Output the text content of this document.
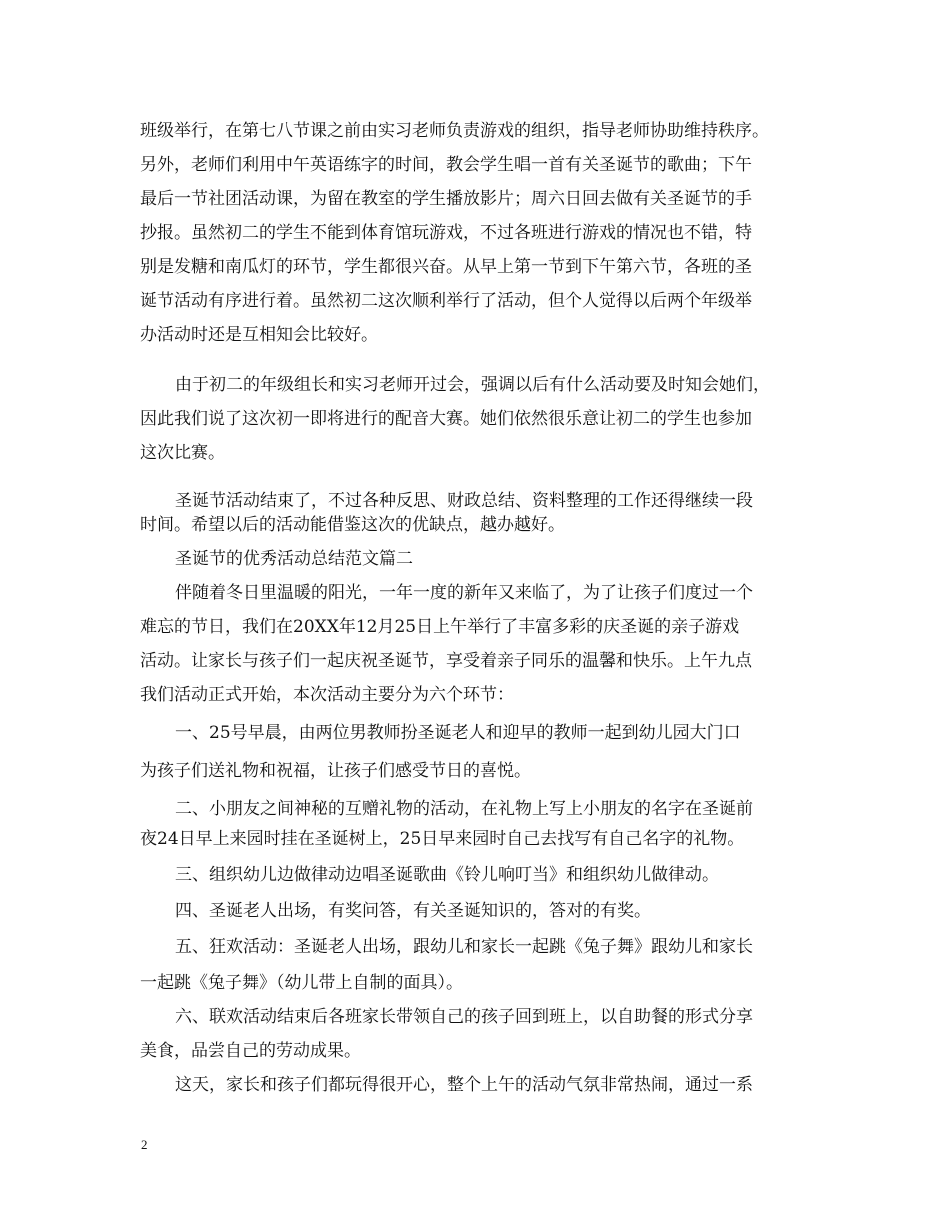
班级举行，在第七八节课之前由实习老师负责游戏的组织，指导老师协助维持秩序。
另外，老师们利用中午英语练字的时间，教会学生唱一首有关圣诞节的歌曲；下午
最后一节社团活动课，为留在教室的学生播放影片；周六日回去做有关圣诞节的手
抄报。虽然初二的学生不能到体育馆玩游戏，不过各班进行游戏的情况也不错，特
别是发糖和南瓜灯的环节，学生都很兴奋。从早上第一节到下午第六节，各班的圣
诞节活动有序进行着。虽然初二这次顺利举行了活动，但个人觉得以后两个年级举
办活动时还是互相知会比较好。
由于初二的年级组长和实习老师开过会，强调以后有什么活动要及时知会她们，
因此我们说了这次初一即将进行的配音大赛。她们依然很乐意让初二的学生也参加
这次比赛。
圣诞节活动结束了，不过各种反思、财政总结、资料整理的工作还得继续一段
时间。希望以后的活动能借鉴这次的优缺点，越办越好。
圣诞节的优秀活动总结范文篇二
伴随着冬日里温暖的阳光，一年一度的新年又来临了，为了让孩子们度过一个
难忘的节日，我们在20XX年12月25日上午举行了丰富多彩的庆圣诞的亲子游戏
活动。让家长与孩子们一起庆祝圣诞节，享受着亲子同乐的温馨和快乐。上午九点
我们活动正式开始，本次活动主要分为六个环节：
一、25号早晨，由两位男教师扮圣诞老人和迎早的教师一起到幼儿园大门口
为孩子们送礼物和祝福，让孩子们感受节日的喜悦。
二、小朋友之间神秘的互赠礼物的活动，在礼物上写上小朋友的名字在圣诞前
夜24日早上来园时挂在圣诞树上，25日早来园时自己去找写有自己名字的礼物。
三、组织幼儿边做律动边唱圣诞歌曲《铃儿响叮当》和组织幼儿做律动。
四、圣诞老人出场，有奖问答，有关圣诞知识的，答对的有奖。
五、狂欢活动：圣诞老人出场，跟幼儿和家长一起跳《兔子舞》跟幼儿和家长
一起跳《兔子舞》（幼儿带上自制的面具）。
六、联欢活动结束后各班家长带领自己的孩子回到班上，以自助餐的形式分享
美食，品尝自己的劳动成果。
这天，家长和孩子们都玩得很开心，整个上午的活动气氛非常热闹，通过一系
2
